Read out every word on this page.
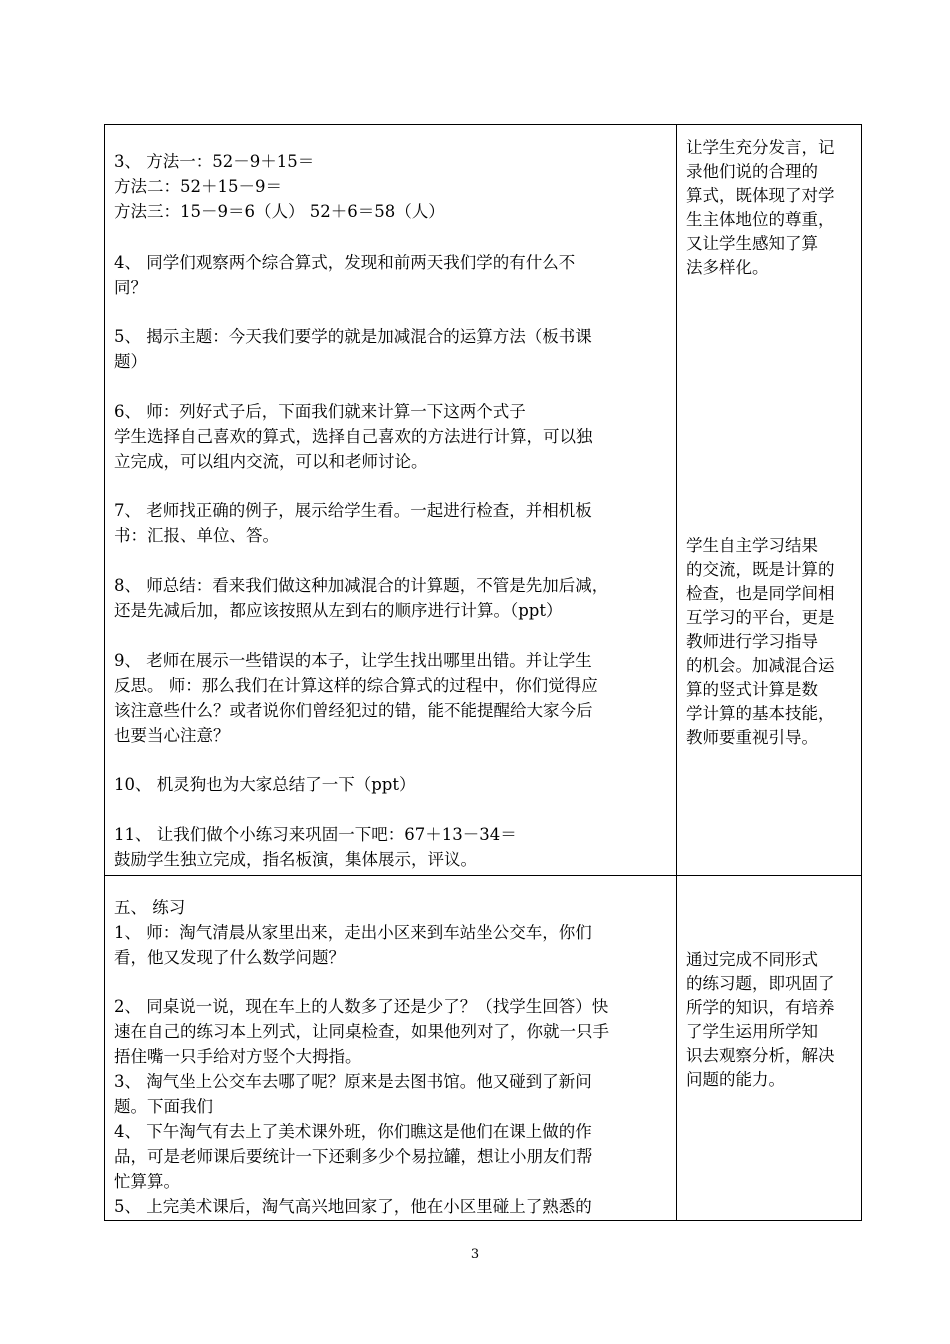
3、 方法一：52－9＋15＝
方法二：52＋15－9＝
方法三：15－9＝6（人） 52＋6＝58（人）
4、 同学们观察两个综合算式，发现和前两天我们学的有什么不
同？
5、 揭示主题：今天我们要学的就是加减混合的运算方法（板书课
题）
6、 师：列好式子后，下面我们就来计算一下这两个式子
学生选择自己喜欢的算式，选择自己喜欢的方法进行计算，可以独
立完成，可以组内交流，可以和老师讨论。
7、 老师找正确的例子，展示给学生看。一起进行检查，并相机板
书：汇报、单位、答。
8、 师总结：看来我们做这种加减混合的计算题，不管是先加后减，
还是先减后加，都应该按照从左到右的顺序进行计算。（ppt）
9、 老师在展示一些错误的本子，让学生找出哪里出错。并让学生
反思。 师：那么我们在计算这样的综合算式的过程中，你们觉得应
该注意些什么？或者说你们曾经犯过的错，能不能提醒给大家今后
也要当心注意？
10、 机灵狗也为大家总结了一下（ppt）
11、 让我们做个小练习来巩固一下吧：67＋13－34＝
鼓励学生独立完成，指名板演，集体展示，评议。
让学生充分发言，记
录他们说的合理的
算式，既体现了对学
生主体地位的尊重，
又让学生感知了算
法多样化。
学生自主学习结果
的交流，既是计算的
检查，也是同学间相
互学习的平台，更是
教师进行学习指导
的机会。加减混合运
算的竖式计算是数
学计算的基本技能，
教师要重视引导。
五、 练习
1、 师：淘气清晨从家里出来，走出小区来到车站坐公交车，你们
看，他又发现了什么数学问题？
2、 同桌说一说，现在车上的人数多了还是少了？（找学生回答）快
速在自己的练习本上列式，让同桌检查，如果他列对了，你就一只手
捂住嘴一只手给对方竖个大拇指。
3、 淘气坐上公交车去哪了呢？原来是去图书馆。他又碰到了新问
题。下面我们
4、 下午淘气有去上了美术课外班，你们瞧这是他们在课上做的作
品，可是老师课后要统计一下还剩多少个易拉罐，想让小朋友们帮
忙算算。
5、 上完美术课后，淘气高兴地回家了，他在小区里碰上了熟悉的
通过完成不同形式
的练习题，即巩固了
所学的知识，有培养
了学生运用所学知
识去观察分析，解决
问题的能力。
3
